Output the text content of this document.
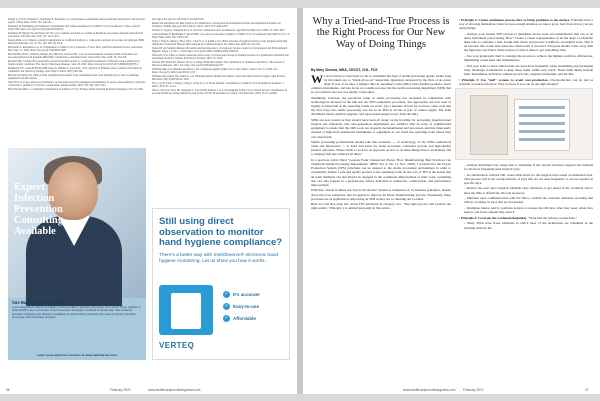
Kampf G, Todt D, Pfaender S, Steinmann E. Persistence of coronaviruses on inanimate surfaces and their inactivation with biocidal agents. J Hosp Infect. 2020; 104: 246-251.

Kanamori H. Rethinking environmental contamination and fomite transmission of SARS-CoV-2 in healthcare. J Infect. Aug 26 2020; DOI: https://doi.org/10.1016/j.jinf.2020.08.041.

Kanamori H, Rutala WA and Weber DJ. The role of patient care items as a fomite in healthcare-associated outbreaks and infection prevention. Clin Infect Dis. 2017; 65: 1412-1419.

Kanay AMA, et al. Patient-to-medical transmission as a sufficient pathway: a comparative analysis across time and pathogen. BMC Infectious Diseases. Vol. 19, No. 140: 200. (S) 2019.

Marquardt G, Reiterman A, et al. Transmission of SARS-CoV-2: A Review of Viral, Host, and Environmental Factors. Ann Intern Med. Sept. 17, 2020. https://doi.org/10.7326/M20-5008

Mitchell BG, Hall L, White N, Barnett AG, Halton K, Paterson DL, et al. An environmental cleaning bundle and health-care-associated infections in hospitals (REACH): a multicentre, randomised trial. Lancet Infect Dis. 2019; 19: 410-418.

Mondell ME, Colaiezzi B, Leonard RN, Gobeil D and Ricciardone G. Comparative Essentials of infection control pathways by fomite transfer conditions. The Lancet J Infectious Diseases. Sept. 28, 2020. https://doi.org/10.1016/S1473-3099(20)30678-2

Mukherjee DV, Cohen B, Bovino ME, Desai S, Whittier S, Larson EL. 2012. Survival of influenza virus on hands and fomites in community and laboratory settings. Am J Infect Control. 40(7):590-594.

Mian M and Weber DJ. 2008. A study quantifying the transfer from contaminated and clean inhalable gloves due to sanitizing equipment in health centers.

Ong SWX, et al. Air, surface environmental, and personal protective equipment contamination by severe acute respiratory syndrome coronavirus 2 (SARS-CoV-2) from a symptomatic patient. JAMA. 2020; 323 (16): 1610-1612.

Pfitz AM and Mize L. Community Transmission of SARS-CoV-2 by Fomites: Risks and Risk Reduction Strategies. Nov 23, 2020.

doi: https://doi.org/10.1101/2020.11.20.20225748

Rutala WA and Weber DJ. Best practices for disinfection of noncritical environmental surfaces and equipment in health care facilities: a bundle approach. Am J Infect Control. 2019; 47S: A96-A105.

Thomas Y, Vogel G, Wunderli W, et al. Survival of influenza virus on banknotes. Appl Environ Microbiol. 2008; 74: 3002-3007.

van Doremalen N, Bushmaker T, Morris DH, et al. Aerosol and surface stability of SARS-CoV-2 as compared with SARS-CoV-1. N Engl J Med. 2020; 382: 1564-1567.

Wong J, Feng K, Zhang J, Mi Z, Ma L, Chen Y, et al. SARS-CoV-2 RNA detection of hospital isolation wards hygiene monitoring during the Coronavirus Disease 2019 outbreak in a Chinese hospital. Int J Infect Dis. 2020; 94: 103-106.

Weber DJ and Sickbert-Bennett. Prevention and the importance of respiratory viruses. Journal of Occupational and Environmental Hygiene. Pages 1-5. Dec 7, 2020. https://doi.org/10.1080/15459624.2020.1845343

Weber DJ, et al. Effect of surface materials and recovery of viruses and non-spore-forming bacteria on a quantitative individual risk assessment model for fomites. Environ Sci Technol. 2016; 55. 2010.

Whelan AH, Weber DJ, Roberts CD et al. Using CPOE time-stamps. The contribution of ventilation and airflow. The Journal of Infectious Diseases. 2021. doi: https://doi.org/10.1093/infdis/jiaa735

Williams AM, et al. Disinfectant efficacy and comparison against SARS-CoV-2. Am J Infect Control. Nov 13, 2020. doi: https://doi.org/10.1016/j.ajic.2020.11.013

Williams WA, Rutala WA, Smith S, et al. Modeling surface disinfection needs to meet microbial reduction targets. Appl Environ Microbiol. 86(13) e00709-20. 2020.

Ye G, Lin H, Chen S, Wang S, Zeng Z, Wang W, et al. Environmental contamination of SARS-CoV-2 in healthcare premises. J Infect. 2020; 81: e1-e5.

Zhou J, Otter JA, Price JR, Cimpeanu C, Garcia DM, Kinross J, et al. Investigating SARS-CoV-2 surface and air contamination in an acute healthcare setting during the peak of the COVID-19 pandemic in London. Clin Infect Dis. 2020; Oct 8: ciaa905.

Expert Infection Prevention Consulting Available
Sue Barnes, RN, CIC, FAPIC
is an independent clinical consultant, board-certified in infection prevention and control (CIC), a fellow of APIC (FAPIC) and co-founder of the Prevention Strategist of Clinical Professionals. She currently provides marketing and clinical consultation to select industry partners who seek to support infection prevention with innovative products.
Learn more about her services at www.saferbarnes.com
Still using direct observation to monitor hand hygiene compliance?
There's a better way with IntelObserve® electronic hand hygiene monitoring. Let us show you how it works.
✓ It's accurate
✓ Easy-to-use
✓ Affordable
VERTEQ
36	February 2021	www.healthcarepurchasingnews.com
Why a Tried-and-True Process is the Right Process for Our New Way of Doing Things
By Mary Sheena, MHA, CRCST, CHL, FCS

We do not have to look back too far to remember the days of sterile processing quality audits done by the naked eye or "black-glove-on" inspection. Questions answered by the flick of an eraser head. It was, to be sure, a simpler time in operating rooms (ORs) with reusable products, fewer complex instruments, and less focus on a sterile process, but the sterile processing department (SPD) that is a procedure's success was mostly overlooked.

Thankfully, however, the perceived value of sterile processing has increased in conjunction with technological advances in the OR and our SPD equipment, processes, and approaches are now seen as equally as important as the operating rooms we serve. (As a measure of how far we have come, note that my first foray into sterile processing was not in an SPD at all but as part of central supply. My team distributed linens, medical supplies, and reprocessed surgical trays from the OR.)

SPDs are now treated as they should have been all along: as the frontline for preventing hospital-based surgical site infections. Our new-generation departments are outfitted with an array of sophisticated equipment to ensure that the OR's tools are properly decontaminated and processed, and that improperly cleaned or high-level disinfected instruments or equipment do not reach the operating room where they can cause harm.

Sterile processing professionals should take this evolution — of technology, of the SPD's understood value and importance — to heart and strive for better processes, consistent growth, and high-quality product outcomes. Where better to look for an approach on how to do these things than to an industry and a company that has achieved all three?

In a previous article titled "Lessons From Unexpected Places: How Manufacturing Best Practices Can Transform Sterile Processing Departments" (HPN, Vol. 2, No. 11, Nov. 2020), I covered how the Toyota Production System (TPS) principles can be adapted to the sterile processing environment in order to consistently deliver a safe and quality product to the operating room. At the core of TPS is the notion that all team members can and should be engaged in the continuous improvement of their work, something that can only happen in a professional culture dedicated to teamwork, collaboration, and performance improvement.

With that context in mind, the Toyota Production System is comprised of 14 business principles, broken down into four categories, that are geared to improve its whole manufacturing process. Fortunately, these processes are as applicable to improving an SPD as they are to churning out Corollas.

Here we will dive deep into seven TPS principles in category two: "The right process will produce the right results." Principle 1 is omitted purposely in this article.

• Principle 2: Create continuous process flow to bring problems to the surface. Problems have a way of showing themselves when we stop enough attention, so take a good, hard look at how you are doing things.

– Analyze your current SPD process to determine excess steps and redundancies that can or do delay instrument reprocessing. How? Create a visual representation of all the steps a technician must take to complete a task. Graph with charts and process workflows are helpful tools. This is an exercise that works best when the whole team is involved. Everyone should come away with the figurative and literal whole picture of what it takes to get something done.

– Use your graph/path chart to redesign the process to achieve the highest workflow efficiencies, minimizing actual steps and redundancies.

– Tell your team to learn which items are used most frequently when assembling and packaging trays. Redesign workstations to keep those items within easy reach. These items likely include basic instruments, indicators, tamper-proof locks, inspection materials, and the like.

• Principle 3: Use "pull" systems to avoid over-production. Overproduction can be just as wasteful as underproduction. Why do more if you can do the right amount?

– Analyze instrument tray usage data to determine if the current inventory supports the demand for the most frequently used surgical trays.

– In collaboration with the OR, create PAR levels for the surgical trays based on utilization data. This process will avoid overproduction of trays that are not used frequently or are not needed on specific days.

– Review the next day's surgical schedule early afternoon to get ahead of the workload and to have the time to effectively allocate resources.

– Maintain open communication with the OR to confirm the customer demands are being met with no working on trays that are not needed.

– Designate liaison and/or positions horizon to ensure the OR have what they need, when they need it, and in the amount they need it.

• Principle 4: Level out the workload (heijunka). "Work like the tortoise, not the hare."

– Many SPDs have fixed schedules in which most of the technicians are scheduled in the morning shift but the

www.healthcarepurchasingnews.com February 2021	37
